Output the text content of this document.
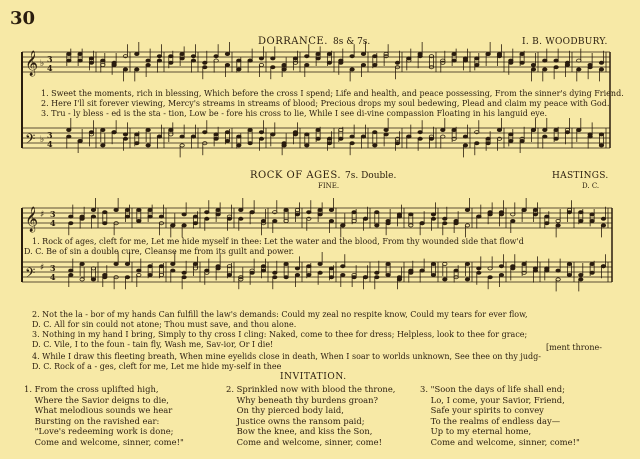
30
DORRANCE. 8s & 7s.	I. B. WOODBURY.
𝄞
𝄢
𝄞
𝄢
♭
♭
♯
♯
3
4
3
4
3
4
3
4
1. Sweet the moments, rich in blessing, Which before the cross I spend; Life and health, and peace possessing, From the sinner's dying Friend.
2. Here I'll sit forever viewing, Mercy's streams in streams of blood; Precious drops my soul bedewing, Plead and claim my peace with God.
3. Tru - ly bless - ed is the sta - tion, Low be - fore his cross to lie, While I see di-vine compassion Floating in his languid eye.
ROCK OF AGES. 7s. Double.	HASTINGS.
FINE.	D. C.
1. Rock of ages, cleft for me, Let me hide myself in thee: Let the water and the blood, From thy wounded side that flow'd
D. C. Be of sin a double cure, Cleanse me from its guilt and power.
2. Not the la - bor of my hands Can fulfill the law's demands: Could my zeal no respite know, Could my tears for ever flow,
D. C. All for sin could not atone; Thou must save, and thou alone.
3. Nothing in my hand I bring, Simply to thy cross I cling: Naked, come to thee for dress; Helpless, look to thee for grace;
D. C. Vile, I to the foun - tain fly, Wash me, Sav-ior, Or I die!	[ment throne-
4. While I draw this fleeting breath, When mine eyelids close in death, When I soar to worlds unknown, See thee on thy judg-
D. C. Rock of a - ges, cleft for me, Let me hide my-self in thee
INVITATION.
1. From the cross uplifted high,
Where the Savior deigns to die,
What melodious sounds we hear
Bursting on the ravished ear:
"Love's redeeming work is done;
Come and welcome, sinner, come!"
2. Sprinkled now with blood the throne,
Why beneath thy burdens groan?
On thy pierced body laid,
Justice owns the ransom paid;
Bow the knee, and kiss the Son,
Come and welcome, sinner, come!
3. "Soon the days of life shall end;
Lo, I come, your Savior, Friend,
Safe your spirits to convey
To the realms of endless day—
Up to my eternal home,
Come and welcome, sinner, come!"
